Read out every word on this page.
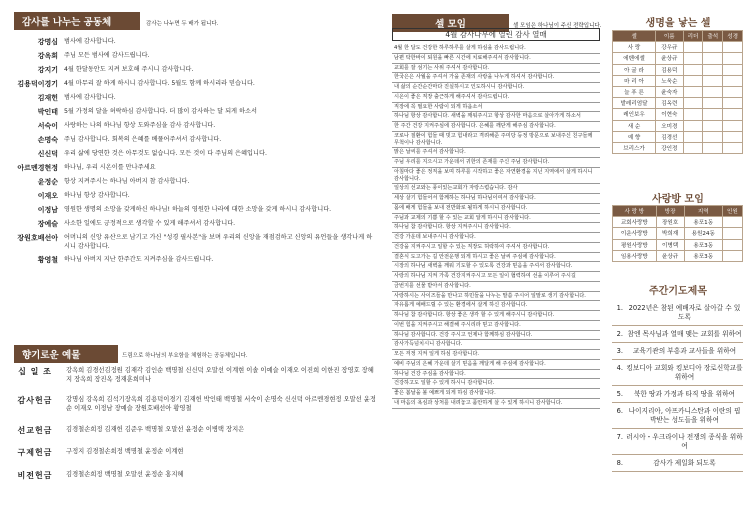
감사를 나누는 공동체	감사는 나누면 두 배가 됩니다.
강명심 범사에 감사합니다.
강옥희 주님 모든 범사에 감사드립니다.
강지기 4월 한달동안도 지켜 보호해 주시니 감사합니다.
김용덕이경기 4월 마무리 잘 하게 하시니 감사합니다. 5월도 함께 하시리라 믿습니다.
김재헌 범사에 감사합니다.
박인태 5월 가정의 달을 허락하심 감사합니다. 더 많이 감사하는 달 되게 하소서
서숙이 사랑하는 나의 하나님 항상 도와주심을 감사 감사합니다.
손명숙 주님 감사합니다. 회복의 은혜를 베풀어주셔서 감사합니다.
신신덕 우리 삶에 당연한 것은 아무것도 없습니다. 모든 것이 다 주님의 은혜입니다.
아르멘경현정 하나님, 우리 시온이를 만나주세요
윤정순 항상 지켜주시는 하나님 아버지 참 감사합니다.
이재오 하나님 항상 감사합니다.
이정남 영원한 생명의 소망을 갖게하신 하나님! 하늘의 영원한 나라에 대한 소망을 갖게 하시니 감사합니다.
장예슬 사소한 일에도 긍정적으로 생각할 수 있게 해주셔서 감사합니다.
장원호배선아 어머니의 신앙 유산으로 남기고 가신 "성경 필사본"을 보며 우리의 신앙을 재점검하고 신앙의 유언들을 생각나게 하시니 감사합니다.
황영철 하나님 아버지 지난 한주간도 지켜주심을 감사드립니다.
향기로운 예물	드림으로 하나님의 부요함을 체험하는 공동체입니다.
십 일 조	강옥희 김경선김정원 김재각 김인순 백명철 신신덕 오말선 이계현 이솔 이예슬 이재오 이진희 이한진 장영호 장혜지 장옥희 장진옥 정재훈희미나
감사헌금	강명심 강옥희 김석기장옥희 김용덕이경기 김재헌 박인태 백명철 서숙이 손명숙 신신덕 아르멘경현정 오말선 윤정순 이재오 이정남 장예슬 장원호배선아 황영철
선교헌금	김경철손희정 김재헌 김준우 백명철 오말선 윤정순 이병택 장지은
구제헌금	구정지 김경철손희정 백명철 윤정순 이계현
비전헌금	김경철손희정 백명철 오말선 윤정순 홍지혜
셀 모임	셀 모임은 하나님이 주신 전략입니다.
4월 감사나무에 열린 감사 열매
4월 한 달도 건강한 하루하루를 살게 하심을 감사드립니다.
남편 탁한바이 퇴원을 빠른 시간에 치료해주셔서 감사합니다.
교회를 잘 섬기는 사위 주셔서 감사합니다.
한국은은 사월을 주셔서 가을 존재의 사랑을 나누게 하셔서 감사합니다.
내 삶의 순간순간마다 진실하시고 인도하시니 감사합니다.
시온이 좋은 직장 출근하게 해주셔서 감사드립니다.
직장에 꼭 필요한 사람이 되게 하옵소서
하나님 항상 감사합니다. 새벽을 깨워주시고 항상 감사한 마음으로 살아가게 하소서
한 주간 건강 지켜주심에 감사합니다. 은혜를 깨닫게 해주심 감사합니다.
코로나 질환이 힘들 때 빗고 힘내라고 격려해준 주미당 등정 방문으로 보내주신 친구들께 무척이나 감사합니다.
맑은 날씨를 주셔서 감사합니다.
주님 우리를 지으시고 가운데서 귀한의 존재를 주신 주님 감사합니다.
아침마다 좋은 정직을 보며 하루를 시작하고 좋은 자연환경을 지닌 지역에서 살게 하시니 감사합니다.
일상의 선교와는 풍이있는교회가 자랑스럽습니다. 감사
세상 살기 힘들어서 함께하는 하나님 하나님이여서 감사합니다.
몸에 배게 힘들을 보내 전반화로 될하게 하시니 감사합니다.
주님과 교제의 기쁨 할 수 있는 교회 알게 하시니 감사합니다.
하나님 참 감사합니다. 항상 지켜주시니 감사합니다.
건강 가운데 보내주시니 감사합니다.
건강을 지켜주시고 일할 수 있는 직장도 허락하여 주셔서 감사합니다.
결혼식 도고가는 길 안전운행 되게 하시고 좋은 날씨 주심에 감사합니다.
시장의 하나님 새벽을 깨워 기도할 수 있도록 건강과 믿음을 주셔서 감사합니다.
사랑의 하나님 지켜 가족 건강지켜주시고 모든 일이 협력하여 선을 이루어 주시길
금번지를 선물 받아서 감사합니다.
사랑하시는 사이즈들을 만나고 하민들을 나누는 말씀 주시어 일말로 생기 감사합니다.
자유롭게 예배드릴 수 있는 환경에서 살게 하신 감사합니다.
하나님 참 감사합니다. 항상 좋은 생각 할 수 있게 해주시니 감사합니다.
이번 힘을 지켜주시고 해결해 주시리라 믿고 감사합니다.
하나님 감사합니다. 건강 주시고 언제나 함께하심 감사합니다.
감사가득넘치시니 감사합니다.
모든 걱정 지켜 일게 하심 감사합니다.
예비 주님의 은혜 가운데 살기 믿음을 깨달게 해 주심에 감사합니다.
하나님 건강 주심을 감사합니다.
건강하고도 일할 수 있게 하시니 감사합니다.
좋은 봄날을 볼 예쁘게 되게 하심 감사합니다.
내 마음의 욕심과 상처를 내려놓고 품안하게 살 수 있게 하시니 감사합니다.
생명을 낳는 셀
셀	이름	리더	출석	성경
사 랑	강우규			
에벤에셀	윤상규			
아 굴 라	김용덕			
마 리 아	노욱순			
늘 푸 른	윤숙자			
발레리엄달	김옥련			
레인보우	이현숙			
새 순	오미경			
예 향	김경선			
브리스가	강인정			
사랑방 모임
사 랑 방	방장	지역	인원
교회사랑방	장원호	용포1동	
이운사랑방	박희재	용원24동	
평원사랑방	이병택	용포3동	
임용사랑방	윤상규	용포3동	
주간기도제목
1. 2022년은 참된 예배자로 살아갈 수 있도록
2. 참엔 목사님과 열매 맺는 교회를 위하여
3.	교육기관의 부흥과 교사들을 위하여
4. 킹보디아 교회와 킹보디아 장로신학교를 위하여
5.	북한 땅과 가정과 타직 땅을 위하여
6. 나이지리아, 아프카니스탄과 이란의 핍박받는 성도들을 위하여
7. 러시아・우크라이나 전쟁의 종식을 위하여
8.	감사가 제일화 되도록
